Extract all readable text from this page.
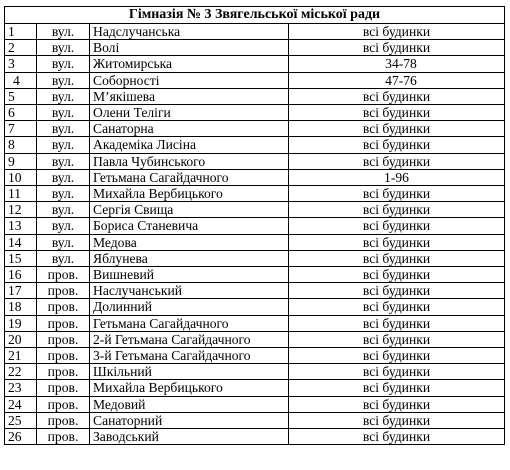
Гімназія № 3 Звягельської міської ради			
1	вул.	Надслучанська	всі будинки
2	вул.	Волі	всі будинки
3	вул.	Житомирська	34-78
4	вул.	Соборності	47-76
5	вул.	М’якішева	всі будинки
6	вул.	Олени Теліги	всі будинки
7	вул.	Санаторна	всі будинки
8	вул.	Академіка Лисіна	всі будинки
9	вул.	Павла Чубинського	всі будинки
10	вул.	Гетьмана Сагайдачного	1-96
11	вул.	Михайла Вербицького	всі будинки
12	вул.	Сергія Свища	всі будинки
13	вул.	Бориса Станевича	всі будинки
14	вул.	Медова	всі будинки
15	вул.	Яблунева	всі будинки
16	пров.	Вишневий	всі будинки
17	пров.	Наслучанський	всі будинки
18	пров.	Долинний	всі будинки
19	пров.	Гетьмана Сагайдачного	всі будинки
20	пров.	2-й Гетьмана Сагайдачного	всі будинки
21	пров.	3-й Гетьмана Сагайдачного	всі будинки
22	пров.	Шкільний	всі будинки
23	пров.	Михайла Вербицького	всі будинки
24	пров.	Медовий	всі будинки
25	пров.	Санаторний	всі будинки
26	пров.	Заводський	всі будинки
